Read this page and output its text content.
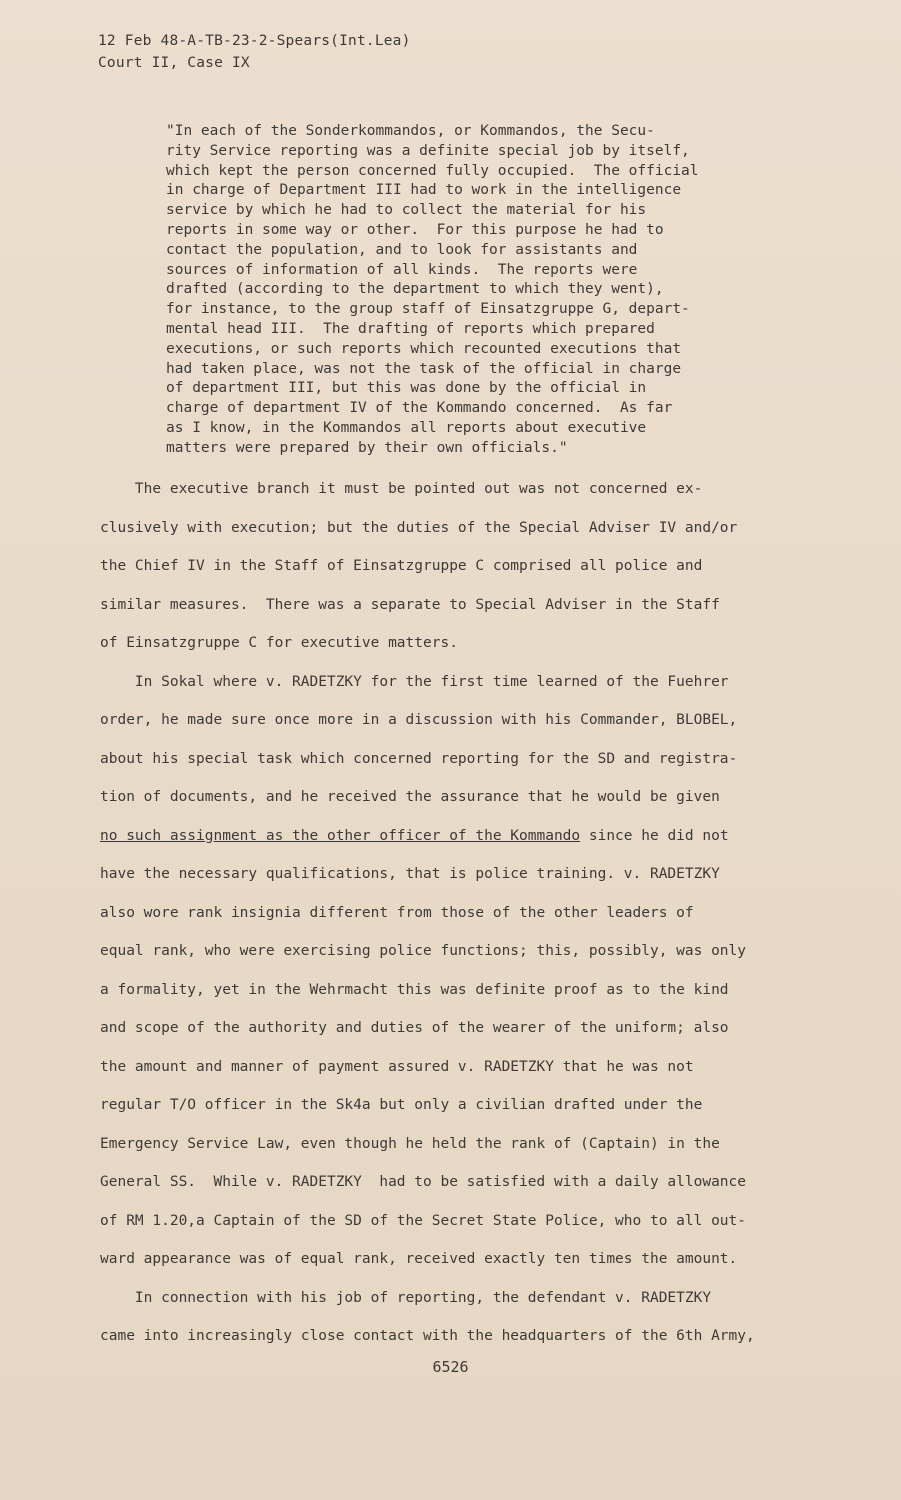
12 Feb 48-A-TB-23-2-Spears(Int.Lea)
Court II, Case IX
"In each of the Sonderkommandos, or Kommandos, the Secu-
rity Service reporting was a definite special job by itself,
which kept the person concerned fully occupied.  The official
in charge of Department III had to work in the intelligence
service by which he had to collect the material for his
reports in some way or other.  For this purpose he had to
contact the population, and to look for assistants and
sources of information of all kinds.  The reports were
drafted (according to the department to which they went),
for instance, to the group staff of Einsatzgruppe G, depart-
mental head III.  The drafting of reports which prepared
executions, or such reports which recounted executions that
had taken place, was not the task of the official in charge
of department III, but this was done by the official in
charge of department IV of the Kommando concerned.  As far
as I know, in the Kommandos all reports about executive
matters were prepared by their own officials."
The executive branch it must be pointed out was not concerned ex-
clusively with execution; but the duties of the Special Adviser IV and/or
the Chief IV in the Staff of Einsatzgruppe C comprised all police and
similar measures.  There was a separate to Special Adviser in the Staff
of Einsatzgruppe C for executive matters.
In Sokal where v. RADETZKY for the first time learned of the Fuehrer
order, he made sure once more in a discussion with his Commander, BLOBEL,
about his special task which concerned reporting for the SD and registra-
tion of documents, and he received the assurance that he would be given
no such assignment as the other officer of the Kommando since he did not
have the necessary qualifications, that is police training. v. RADETZKY
also wore rank insignia different from those of the other leaders of
equal rank, who were exercising police functions; this, possibly, was only
a formality, yet in the Wehrmacht this was definite proof as to the kind
and scope of the authority and duties of the wearer of the uniform; also
the amount and manner of payment assured v. RADETZKY that he was not
regular T/O officer in the Sk4a but only a civilian drafted under the
Emergency Service Law, even though he held the rank of (Captain) in the
General SS.  While v. RADETZKY  had to be satisfied with a daily allowance
of RM 1.20,a Captain of the SD of the Secret State Police, who to all out-
ward appearance was of equal rank, received exactly ten times the amount.
In connection with his job of reporting, the defendant v. RADETZKY
came into increasingly close contact with the headquarters of the 6th Army,
6526
